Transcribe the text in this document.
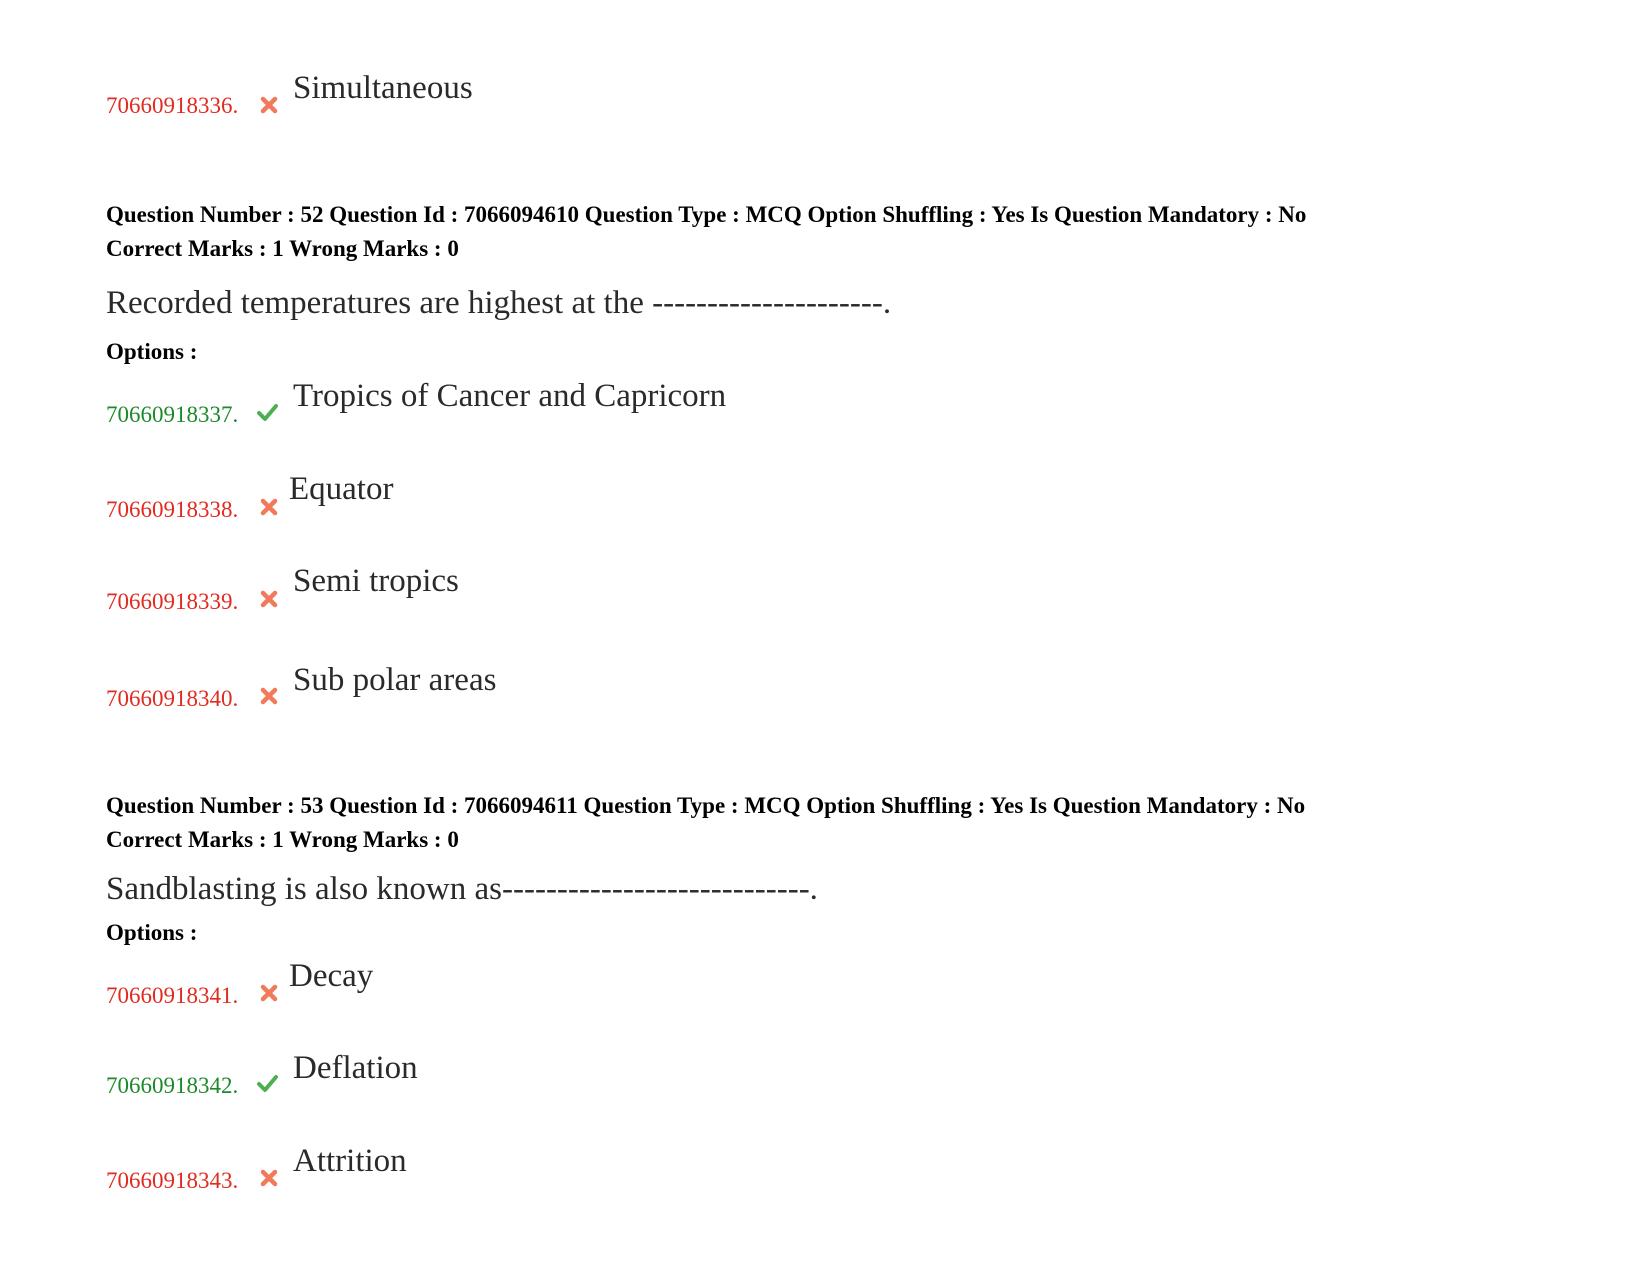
70660918336. Simultaneous
Question Number : 52 Question Id : 7066094610 Question Type : MCQ Option Shuffling : Yes Is Question Mandatory : No
Correct Marks : 1 Wrong Marks : 0
Recorded temperatures are highest at the ---------------------.
Options :
70660918337.
Tropics of Cancer and Capricorn
70660918338.
Equator
70660918339.
Semi tropics
70660918340.
Sub polar areas
Question Number : 53 Question Id : 7066094611 Question Type : MCQ Option Shuffling : Yes Is Question Mandatory : No
Correct Marks : 1 Wrong Marks : 0
Sandblasting is also known as----------------------------.
Options :
70660918341.
Decay
70660918342. Deflation
70660918343.
Attrition
